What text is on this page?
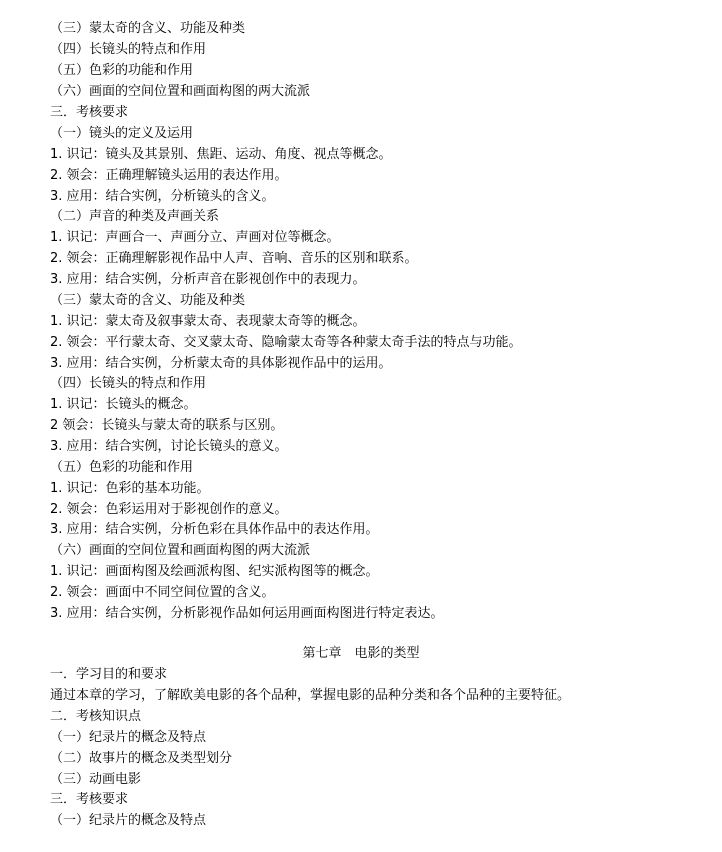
（三）蒙太奇的含义、功能及种类
（四）长镜头的特点和作用
（五）色彩的功能和作用
（六）画面的空间位置和画面构图的两大流派
三．考核要求
（一）镜头的定义及运用
1. 识记：镜头及其景别、焦距、运动、角度、视点等概念。
2. 领会：正确理解镜头运用的表达作用。
3. 应用：结合实例，分析镜头的含义。
（二）声音的种类及声画关系
1. 识记：声画合一、声画分立、声画对位等概念。
2. 领会：正确理解影视作品中人声、音响、音乐的区别和联系。
3. 应用：结合实例，分析声音在影视创作中的表现力。
（三）蒙太奇的含义、功能及种类
1. 识记：蒙太奇及叙事蒙太奇、表现蒙太奇等的概念。
2. 领会：平行蒙太奇、交叉蒙太奇、隐喻蒙太奇等各种蒙太奇手法的特点与功能。
3. 应用：结合实例，分析蒙太奇的具体影视作品中的运用。
（四）长镜头的特点和作用
1. 识记：长镜头的概念。
2 领会：长镜头与蒙太奇的联系与区别。
3. 应用：结合实例，讨论长镜头的意义。
（五）色彩的功能和作用
1. 识记：色彩的基本功能。
2. 领会：色彩运用对于影视创作的意义。
3. 应用：结合实例，分析色彩在具体作品中的表达作用。
（六）画面的空间位置和画面构图的两大流派
1. 识记：画面构图及绘画派构图、纪实派构图等的概念。
2. 领会：画面中不同空间位置的含义。
3. 应用：结合实例，分析影视作品如何运用画面构图进行特定表达。
第七章　电影的类型
一．学习目的和要求
通过本章的学习，了解欧美电影的各个品种，掌握电影的品种分类和各个品种的主要特征。
二．考核知识点
（一）纪录片的概念及特点
（二）故事片的概念及类型划分
（三）动画电影
三．考核要求
（一）纪录片的概念及特点
